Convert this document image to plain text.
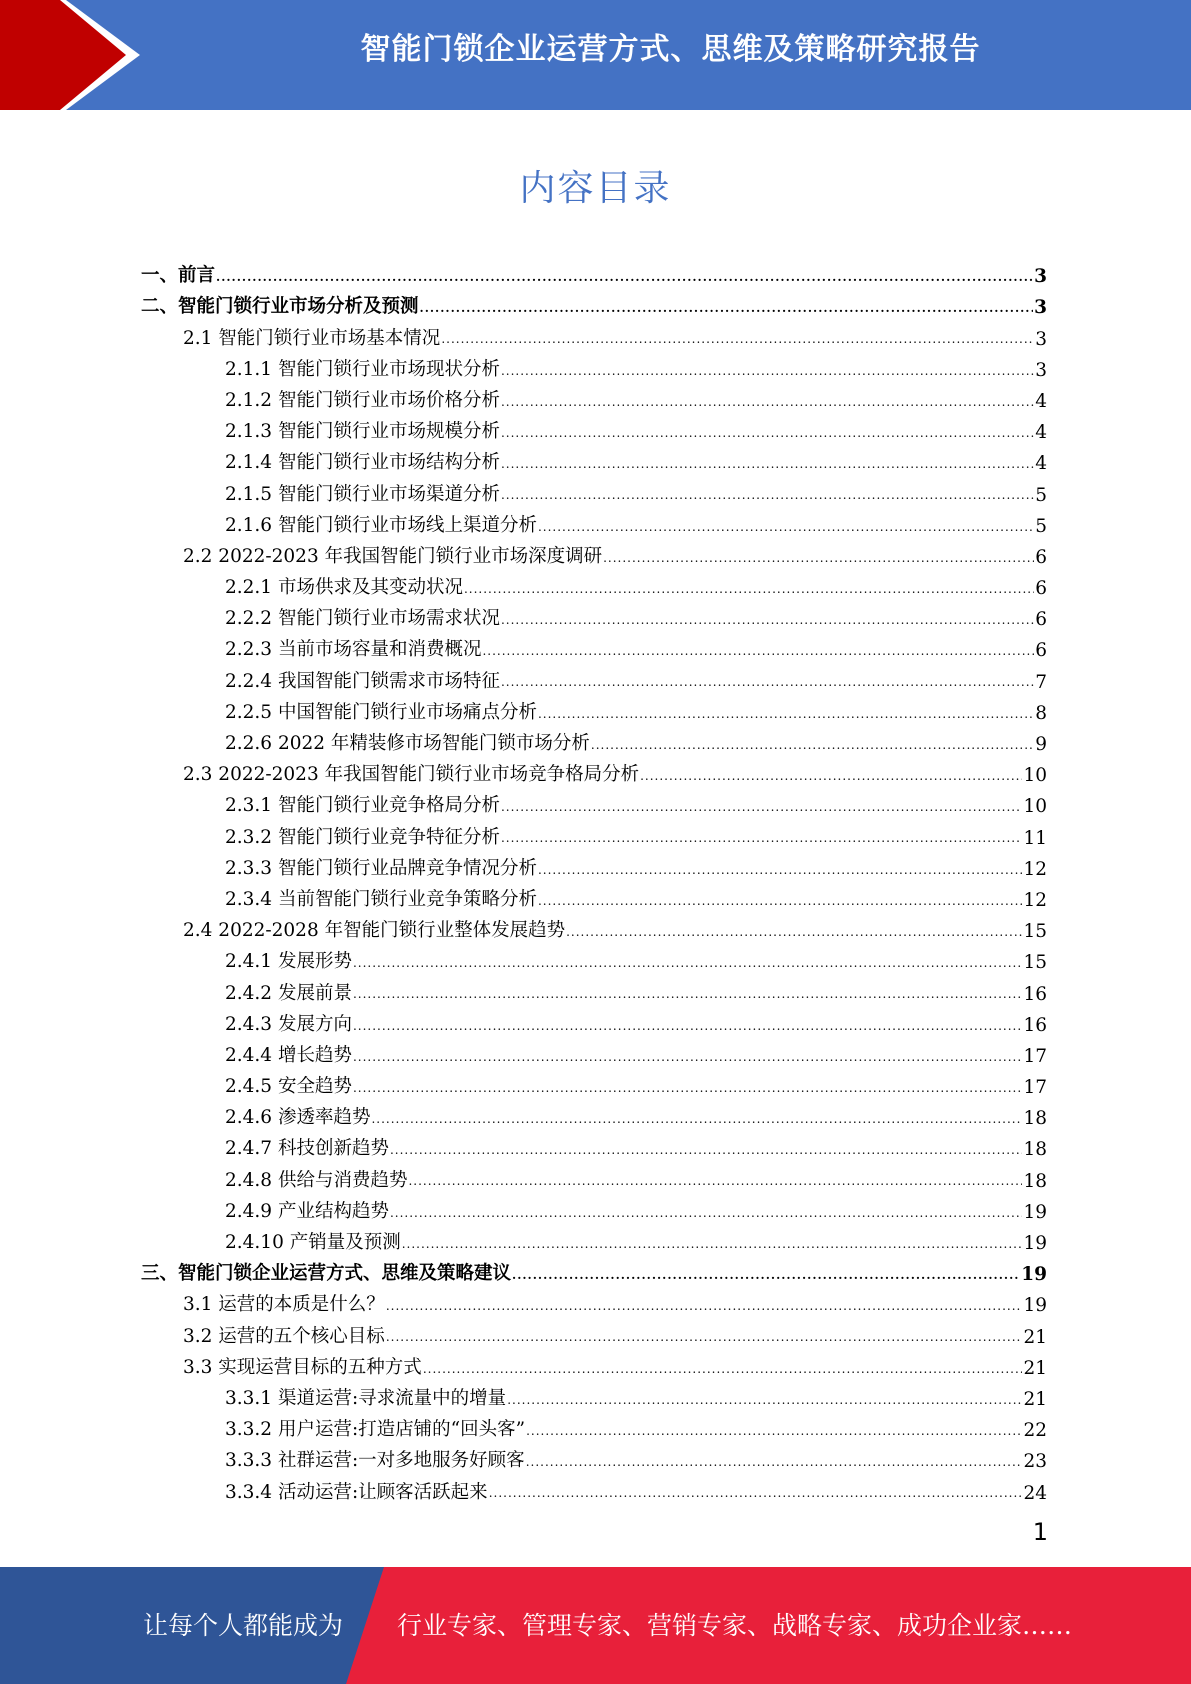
智能门锁企业运营方式、思维及策略研究报告
内容目录
一、前言 .....	3
二、智能门锁行业市场分析及预测 .....	3
2.1 智能门锁行业市场基本情况 .....	3
2.1.1 智能门锁行业市场现状分析 .....	3
2.1.2 智能门锁行业市场价格分析 .....	4
2.1.3 智能门锁行业市场规模分析 .....	4
2.1.4 智能门锁行业市场结构分析 .....	4
2.1.5 智能门锁行业市场渠道分析 .....	5
2.1.6 智能门锁行业市场线上渠道分析 .....	5
2.2 2022-2023 年我国智能门锁行业市场深度调研 .....	6
2.2.1 市场供求及其变动状况 .....	6
2.2.2 智能门锁行业市场需求状况 .....	6
2.2.3 当前市场容量和消费概况 .....	6
2.2.4 我国智能门锁需求市场特征 .....	7
2.2.5 中国智能门锁行业市场痛点分析 .....	8
2.2.6 2022 年精装修市场智能门锁市场分析 .....	9
2.3 2022-2023 年我国智能门锁行业市场竞争格局分析 .....	10
2.3.1 智能门锁行业竞争格局分析 .....	10
2.3.2 智能门锁行业竞争特征分析 .....	11
2.3.3 智能门锁行业品牌竞争情况分析 .....	12
2.3.4 当前智能门锁行业竞争策略分析 .....	12
2.4 2022-2028 年智能门锁行业整体发展趋势 .....	15
2.4.1 发展形势 .....	15
2.4.2 发展前景 .....	16
2.4.3 发展方向 .....	16
2.4.4 增长趋势 .....	17
2.4.5 安全趋势 .....	17
2.4.6 渗透率趋势 .....	18
2.4.7 科技创新趋势 .....	18
2.4.8 供给与消费趋势 .....	18
2.4.9 产业结构趋势 .....	19
2.4.10 产销量及预测 .....	19
三、智能门锁企业运营方式、思维及策略建议 .....	19
3.1 运营的本质是什么？ .....	19
3.2 运营的五个核心目标 .....	21
3.3 实现运营目标的五种方式 .....	21
3.3.1 渠道运营:寻求流量中的增量 .....	21
3.3.2 用户运营:打造店铺的“回头客” .....	22
3.3.3 社群运营:一对多地服务好顾客 .....	23
3.3.4 活动运营:让顾客活跃起来 .....	24
1
让每个人都能成为 行业专家、管理专家、营销专家、战略专家、成功企业家……
